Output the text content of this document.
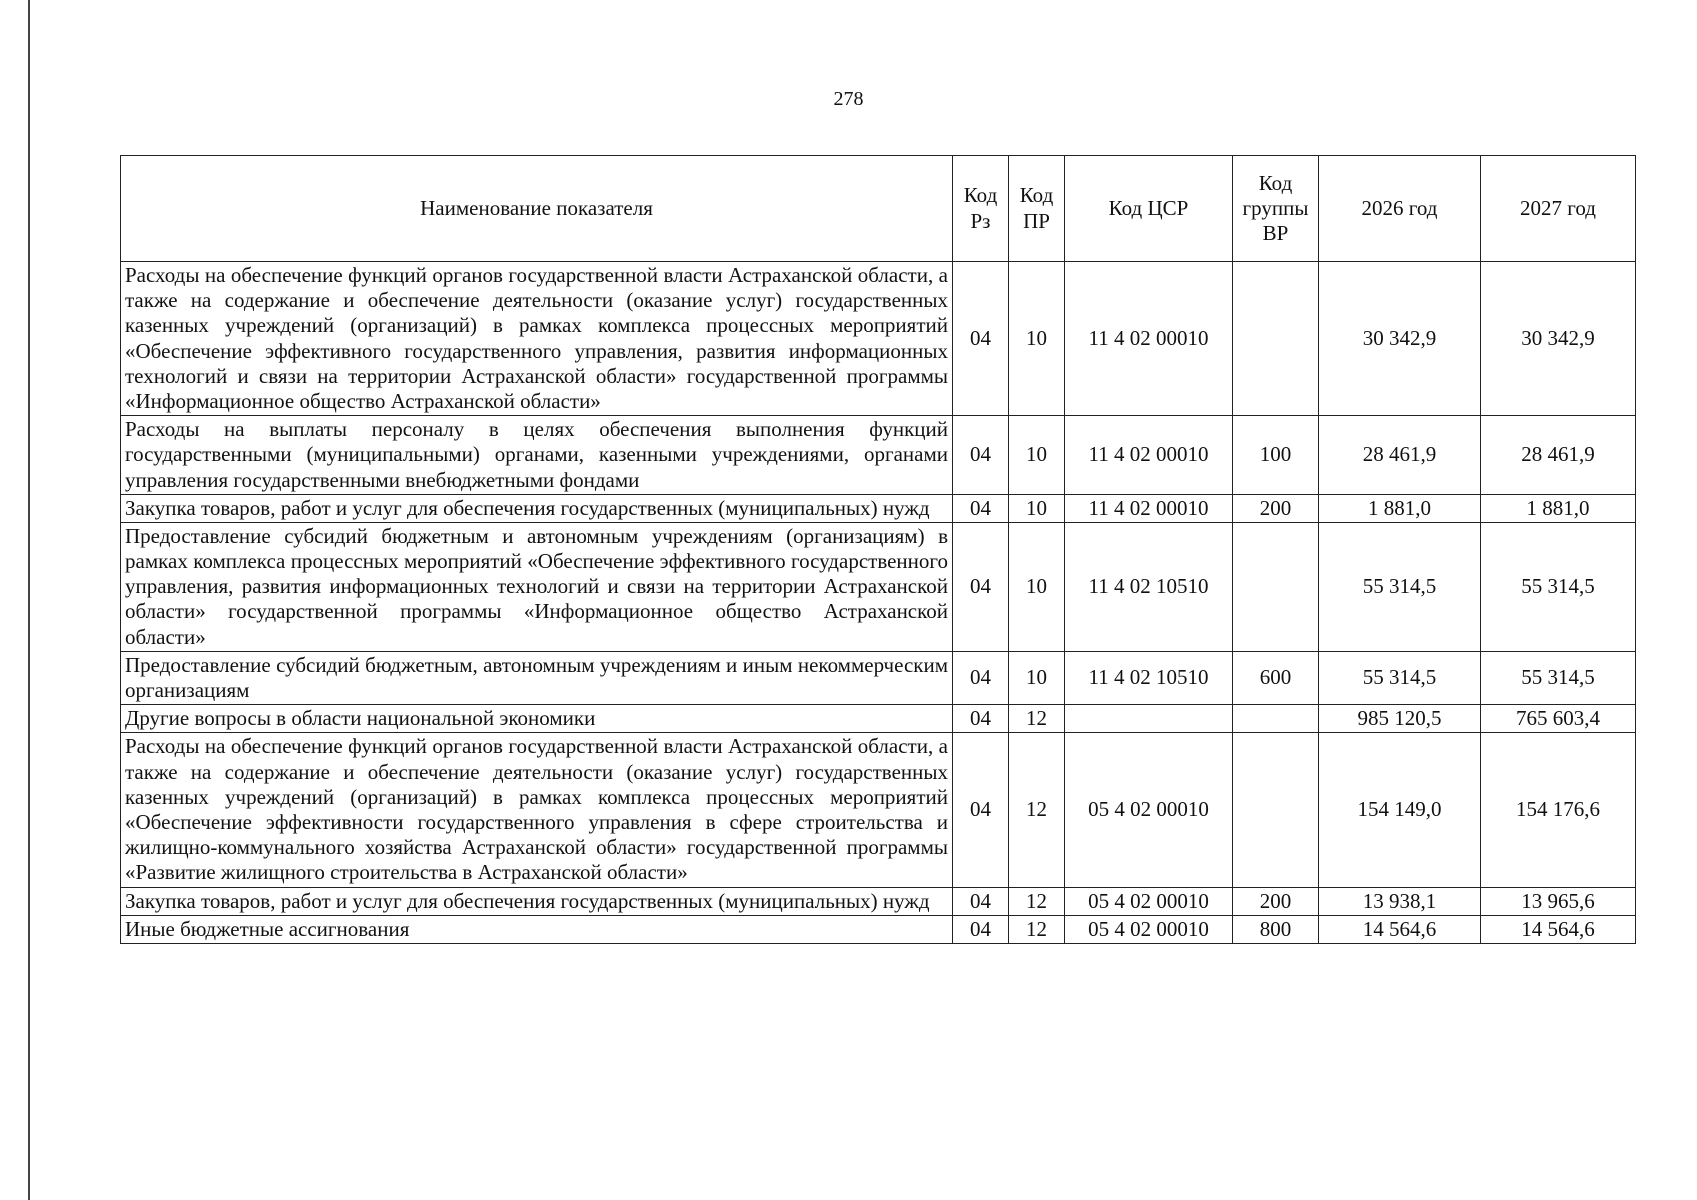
278
Наименование показателя	Код Рз	Код ПР	Код ЦСР	Код группы ВР	2026 год	2027 год
Расходы на обеспечение функций органов государственной власти Астраханской области, а также на содержание и обеспечение деятельности (оказание услуг) государственных казенных учреждений (организаций) в рамках комплекса процессных мероприятий «Обеспечение эффективного государственного управления, развития информационных технологий и связи на территории Астраханской области» государственной программы «Информационное общество Астраханской области»	04	10	11 4 02 00010		30 342,9	30 342,9
Расходы на выплаты персоналу в целях обеспечения выполнения функций государственными (муниципальными) органами, казенными учреждениями, органами управления государственными внебюджетными фондами	04	10	11 4 02 00010	100	28 461,9	28 461,9
Закупка товаров, работ и услуг для обеспечения государственных (муниципальных) нужд	04	10	11 4 02 00010	200	1 881,0	1 881,0
Предоставление субсидий бюджетным и автономным учреждениям (организациям) в рамках комплекса процессных мероприятий «Обеспечение эффективного государственного управления, развития информационных технологий и связи на территории Астраханской области» государственной программы «Информационное общество Астраханской области»	04	10	11 4 02 10510		55 314,5	55 314,5
Предоставление субсидий бюджетным, автономным учреждениям и иным некоммерческим организациям	04	10	11 4 02 10510	600	55 314,5	55 314,5
Другие вопросы в области национальной экономики	04	12			985 120,5	765 603,4
Расходы на обеспечение функций органов государственной власти Астраханской области, а также на содержание и обеспечение деятельности (оказание услуг) государственных казенных учреждений (организаций) в рамках комплекса процессных мероприятий «Обеспечение эффективности государственного управления в сфере строительства и жилищно-коммунального хозяйства Астраханской области» государственной программы «Развитие жилищного строительства в Астраханской области»	04	12	05 4 02 00010		154 149,0	154 176,6
Закупка товаров, работ и услуг для обеспечения государственных (муниципальных) нужд	04	12	05 4 02 00010	200	13 938,1	13 965,6
Иные бюджетные ассигнования	04	12	05 4 02 00010	800	14 564,6	14 564,6
